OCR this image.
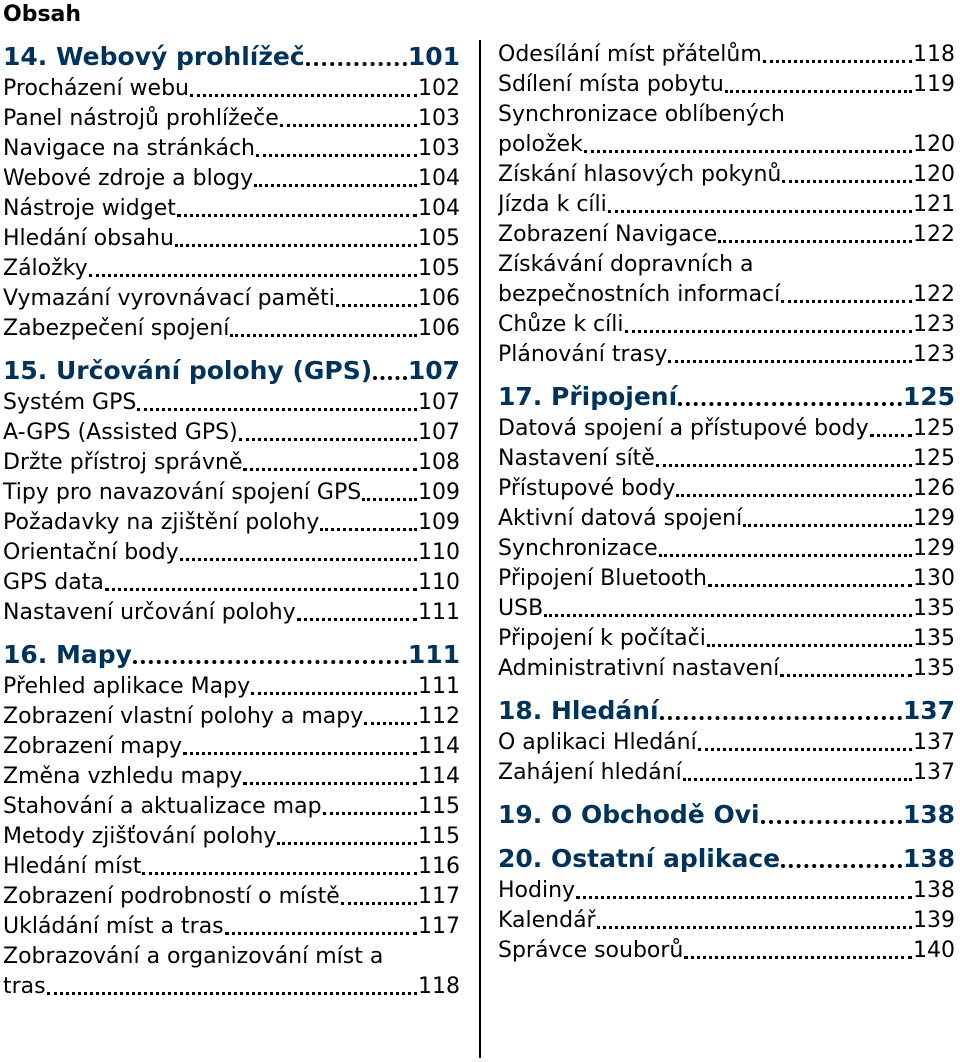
Obsah
14. Webový prohlížeč	101
Procházení webu	102
Panel nástrojů prohlížeče	103
Navigace na stránkách	103
Webové zdroje a blogy	104
Nástroje widget	104
Hledání obsahu	105
Záložky	105
Vymazání vyrovnávací paměti	106
Zabezpečení spojení	106
15. Určování polohy (GPS) 107
Systém GPS	107
A-GPS (Assisted GPS)	107
Držte přístroj správně	108
Tipy pro navazování spojení GPS	109
Požadavky na zjištění polohy	109
Orientační body	110
GPS data	110
Nastavení určování polohy	111
16. Mapy	111
Přehled aplikace Mapy	111
Zobrazení vlastní polohy a mapy 112
Zobrazení mapy	114
Změna vzhledu mapy	114
Stahování a aktualizace map	115
Metody zjišťování polohy	115
Hledání míst	116
Zobrazení podrobností o místě	117
Ukládání míst a tras	117
Zobrazování a organizování míst a
tras	118
Odesílání míst přátelům	118
Sdílení místa pobytu	119
Synchronizace oblíbených
položek	120
Získání hlasových pokynů	120
Jízda k cíli	121
Zobrazení Navigace	122
Získávání dopravních a
bezpečnostních informací	122
Chůze k cíli	123
Plánování trasy	123
17. Připojení	125
Datová spojení a přístupové body 125
Nastavení sítě	125
Přístupové body	126
Aktivní datová spojení	129
Synchronizace	129
Připojení Bluetooth	130
USB	135
Připojení k počítači	135
Administrativní nastavení	135
18. Hledání	137
O aplikaci Hledání	137
Zahájení hledání	137
19. O Obchodě Ovi	138
20. Ostatní aplikace	138
Hodiny	138
Kalendář	139
Správce souborů	140
